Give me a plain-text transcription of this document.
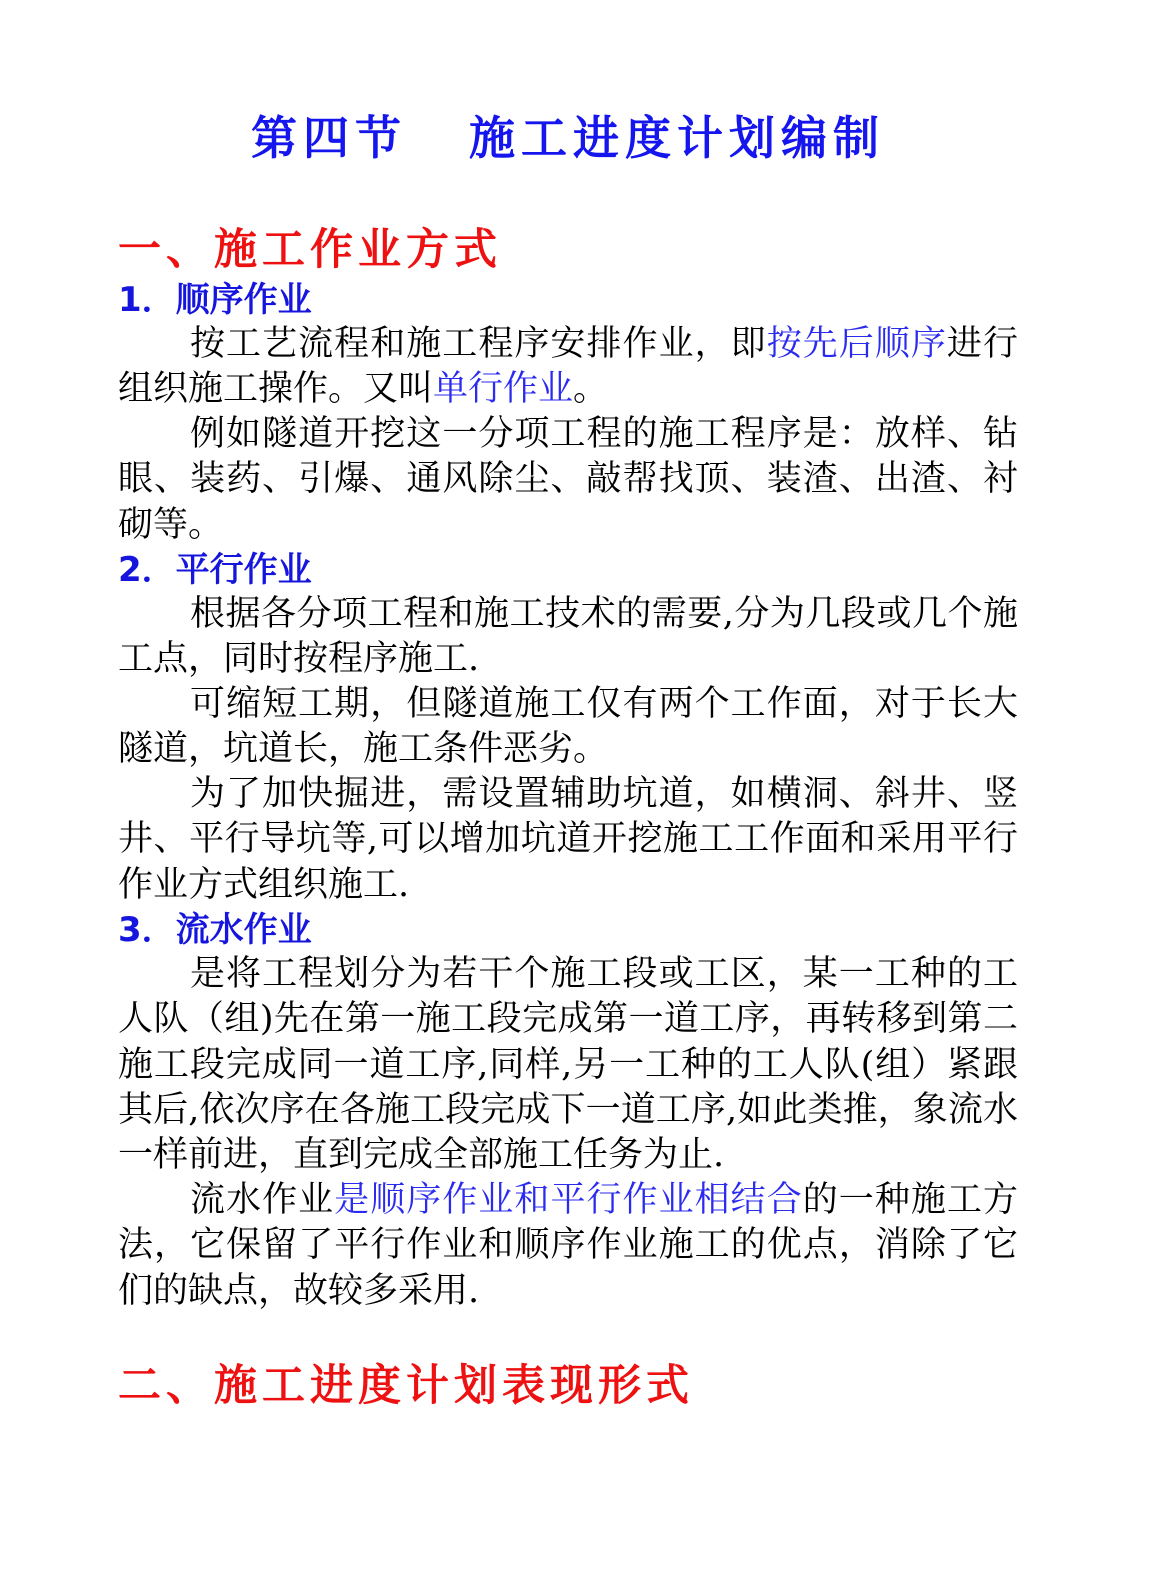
第四节 施工进度计划编制
一、施工作业方式
1．顺序作业

按工艺流程和施工程序安排作业，即按先后顺序进行组织施工操作。又叫单行作业。

例如隧道开挖这一分项工程的施工程序是：放样、钻眼、装药、引爆、通风除尘、敲帮找顶、装渣、出渣、衬砌等。

2．平行作业

根据各分项工程和施工技术的需要,分为几段或几个施工点，同时按程序施工.

可缩短工期，但隧道施工仅有两个工作面，对于长大隧道，坑道长，施工条件恶劣。

为了加快掘进，需设置辅助坑道，如横洞、斜井、竖井、平行导坑等,可以增加坑道开挖施工工作面和采用平行作业方式组织施工.

3．流水作业

是将工程划分为若干个施工段或工区，某一工种的工人队（组)先在第一施工段完成第一道工序，再转移到第二施工段完成同一道工序,同样,另一工种的工人队(组）紧跟其后,依次序在各施工段完成下一道工序,如此类推，象流水一样前进，直到完成全部施工任务为止.

流水作业是顺序作业和平行作业相结合的一种施工方法，它保留了平行作业和顺序作业施工的优点，消除了它们的缺点，故较多采用.

二、施工进度计划表现形式
